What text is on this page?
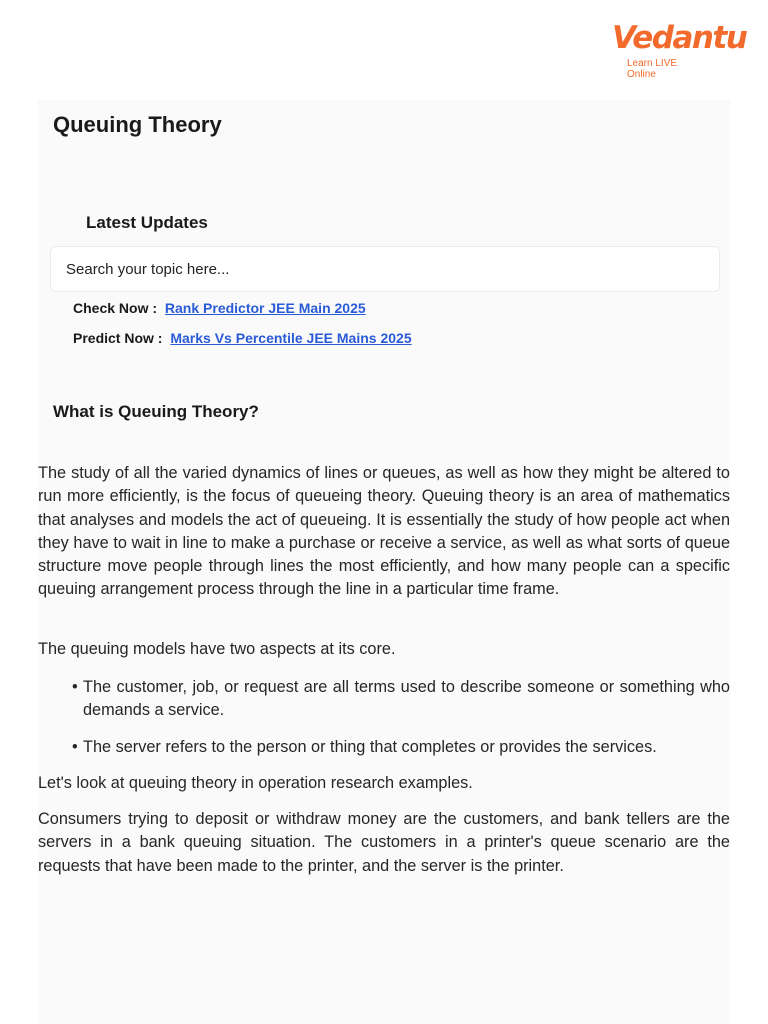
Vedantu
Learn LIVE Online
Queuing Theory
Latest Updates
Search your topic here...
Check Now : Rank Predictor JEE Main 2025
Predict Now : Marks Vs Percentile JEE Mains 2025
What is Queuing Theory?

The study of all the varied dynamics of lines or queues, as well as how they might be altered to run more efficiently, is the focus of queueing theory. Queuing theory is an area of mathematics that analyses and models the act of queueing. It is essentially the study of how people act when they have to wait in line to make a purchase or receive a service, as well as what sorts of queue structure move people through lines the most efficiently, and how many people can a specific queuing arrangement process through the line in a particular time frame.

The queuing models have two aspects at its core.

• The customer, job, or request are all terms used to describe someone or something who demands a service.
• The server refers to the person or thing that completes or provides the services.

Let's look at queuing theory in operation research examples.

Consumers trying to deposit or withdraw money are the customers, and bank tellers are the servers in a bank queuing situation. The customers in a printer's queue scenario are the requests that have been made to the printer, and the server is the printer.
